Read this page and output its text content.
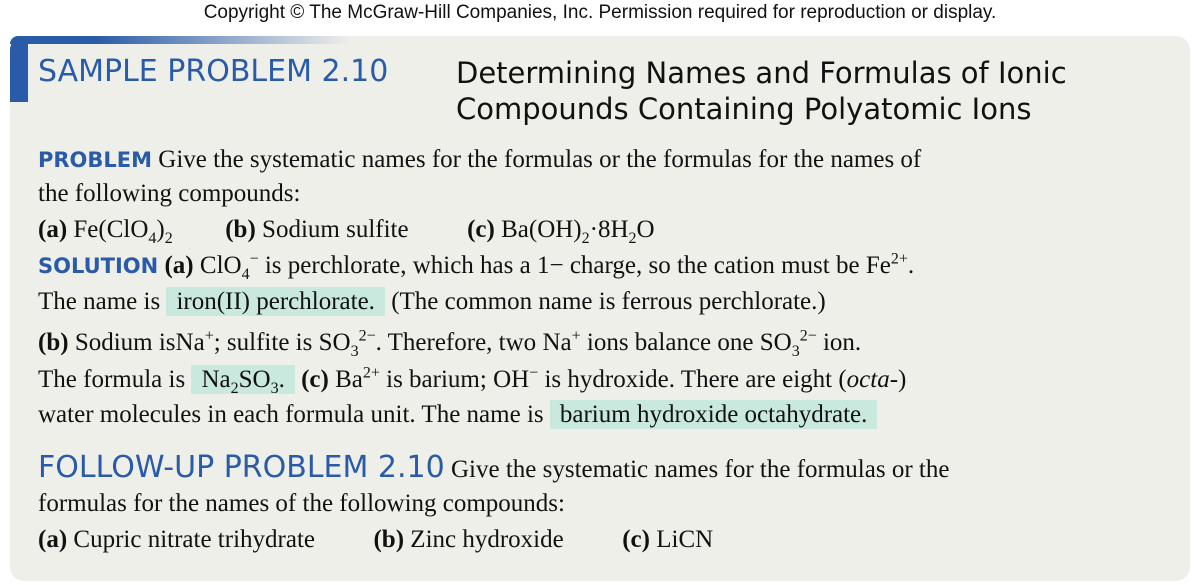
Copyright © The McGraw-Hill Companies, Inc. Permission required for reproduction or display.
SAMPLE PROBLEM 2.10 Determining Names and Formulas of Ionic
Compounds Containing Polyatomic Ions
PROBLEM Give the systematic names for the formulas or the formulas for the names of
the following compounds:
(a) $Fe(ClO_4)_2$ (b) Sodium sulfite (c) $Ba(OH)_2\cdot 8H_2O$
SOLUTION (a) ClO$_4$− is perchlorate, which has a 1− charge, so the cation must be $Fe^{2+}$.
The name is iron(II) perchlorate. (The common name is ferrous perchlorate.)
(b) Sodium isNa+; sulfite is $SO_3^{2-}$. Therefore, two Na+ ions balance one $SO_3^{2-}$ ion.
The formula is $Na_2SO_3$. (c) $Ba^{2+}$ is barium; OH− is hydroxide. There are eight (octa-)
water molecules in each formula unit. The name is barium hydroxide octahydrate.
FOLLOW-UP PROBLEM 2.10 Give the systematic names for the formulas or the
formulas for the names of the following compounds:
(a) Cupric nitrate trihydrate (b) Zinc hydroxide (c) LiCN
